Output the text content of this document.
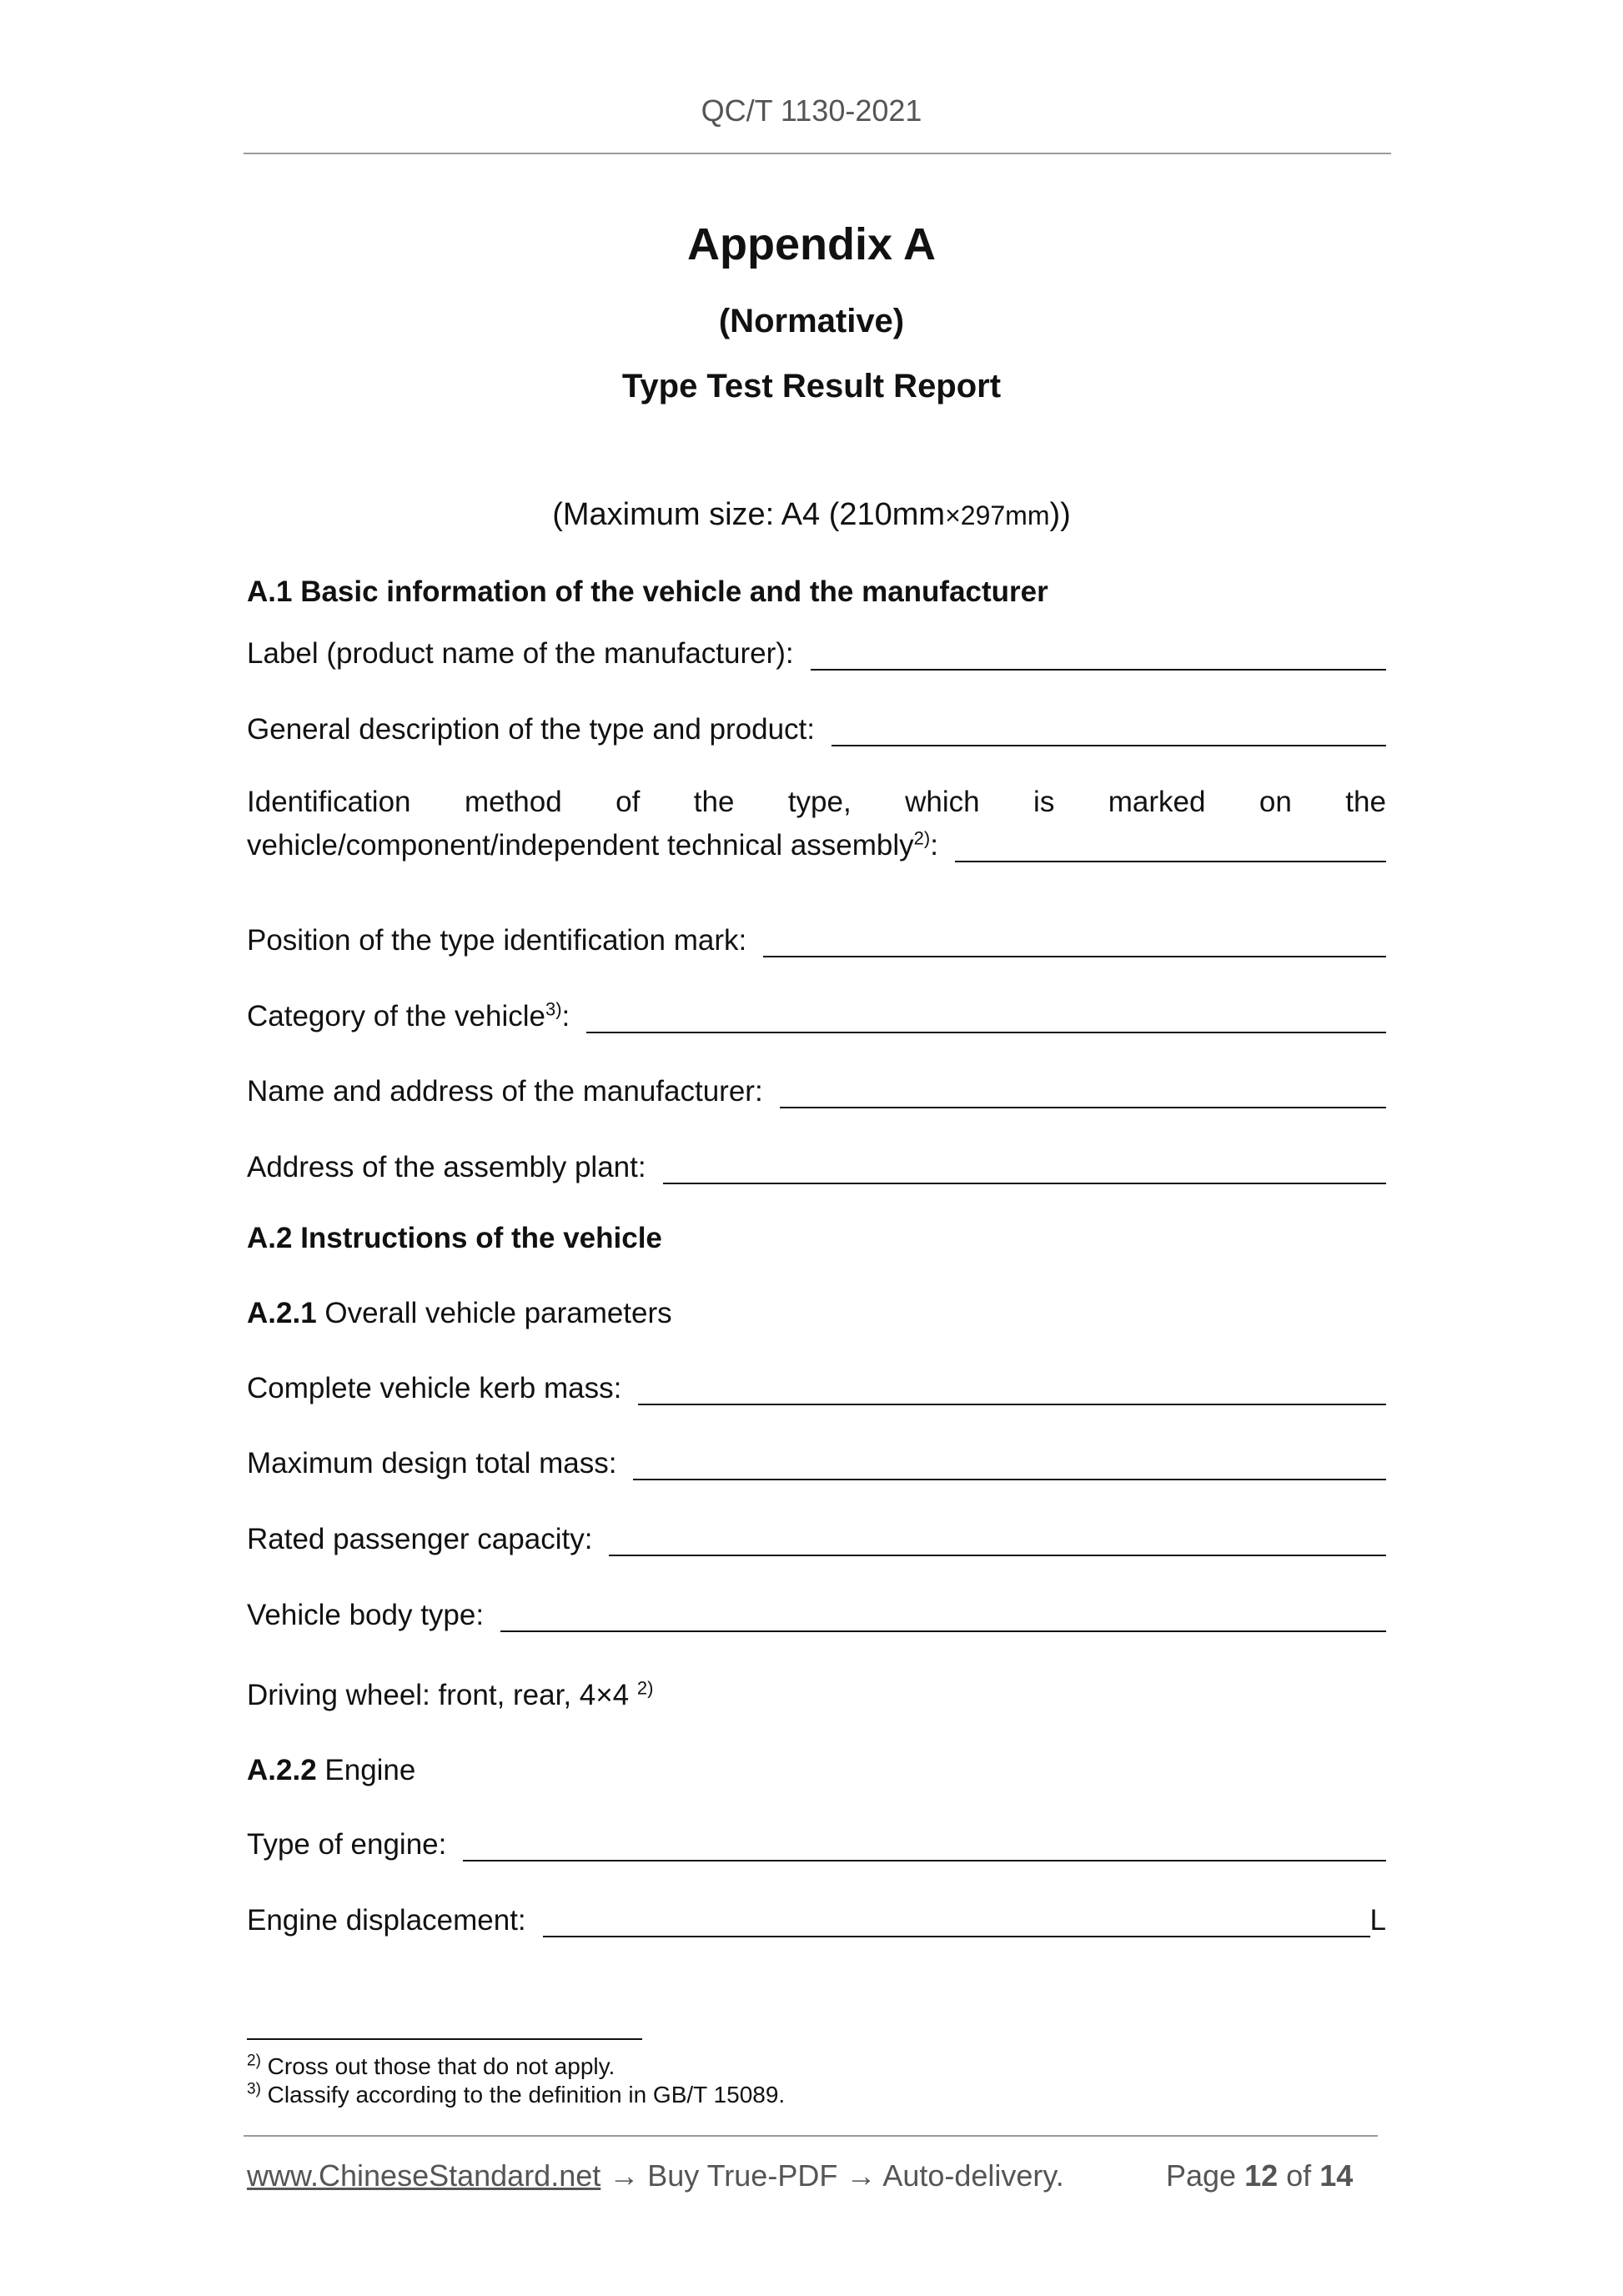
QC/T 1130-2021
Appendix A
(Normative)
Type Test Result Report
(Maximum size: A4 (210mm×297mm))
A.1 Basic information of the vehicle and the manufacturer
Label (product name of the manufacturer):
General description of the type and product:
Identification method of the type, which is marked on the
vehicle/component/independent technical assembly$^{2)}$:
Position of the type identification mark:
Category of the vehicle$^{3)}$:
Name and address of the manufacturer:
Address of the assembly plant:
A.2 Instructions of the vehicle
A.2.1 Overall vehicle parameters
Complete vehicle kerb mass:
Maximum design total mass:
Rated passenger capacity:
Vehicle body type:
Driving wheel: front, rear, 4×4 $^{2)}$
A.2.2 Engine
Type of engine:
Engine displacement:	L
$^{2)}$ Cross out those that do not apply.
$^{3)}$ Classify according to the definition in GB/T 15089.
www.ChineseStandard.net → Buy True-PDF → Auto-delivery.	Page 12 of 14
